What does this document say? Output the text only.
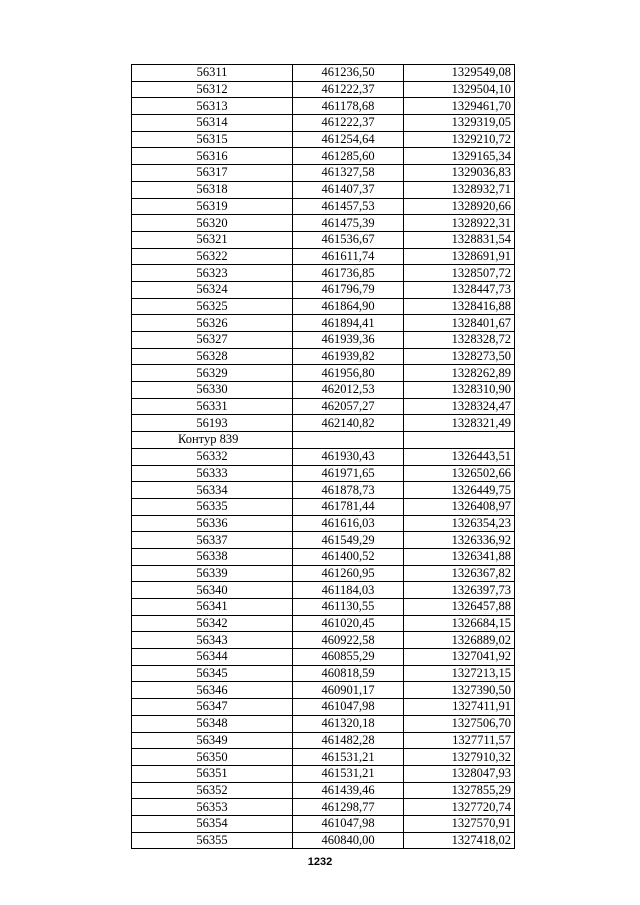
56311	461236,50	1329549,08
56312	461222,37	1329504,10
56313	461178,68	1329461,70
56314	461222,37	1329319,05
56315	461254,64	1329210,72
56316	461285,60	1329165,34
56317	461327,58	1329036,83
56318	461407,37	1328932,71
56319	461457,53	1328920,66
56320	461475,39	1328922,31
56321	461536,67	1328831,54
56322	461611,74	1328691,91
56323	461736,85	1328507,72
56324	461796,79	1328447,73
56325	461864,90	1328416,88
56326	461894,41	1328401,67
56327	461939,36	1328328,72
56328	461939,82	1328273,50
56329	461956,80	1328262,89
56330	462012,53	1328310,90
56331	462057,27	1328324,47
56193	462140,82	1328321,49
Контур 839		
56332	461930,43	1326443,51
56333	461971,65	1326502,66
56334	461878,73	1326449,75
56335	461781,44	1326408,97
56336	461616,03	1326354,23
56337	461549,29	1326336,92
56338	461400,52	1326341,88
56339	461260,95	1326367,82
56340	461184,03	1326397,73
56341	461130,55	1326457,88
56342	461020,45	1326684,15
56343	460922,58	1326889,02
56344	460855,29	1327041,92
56345	460818,59	1327213,15
56346	460901,17	1327390,50
56347	461047,98	1327411,91
56348	461320,18	1327506,70
56349	461482,28	1327711,57
56350	461531,21	1327910,32
56351	461531,21	1328047,93
56352	461439,46	1327855,29
56353	461298,77	1327720,74
56354	461047,98	1327570,91
56355	460840,00	1327418,02
1232
